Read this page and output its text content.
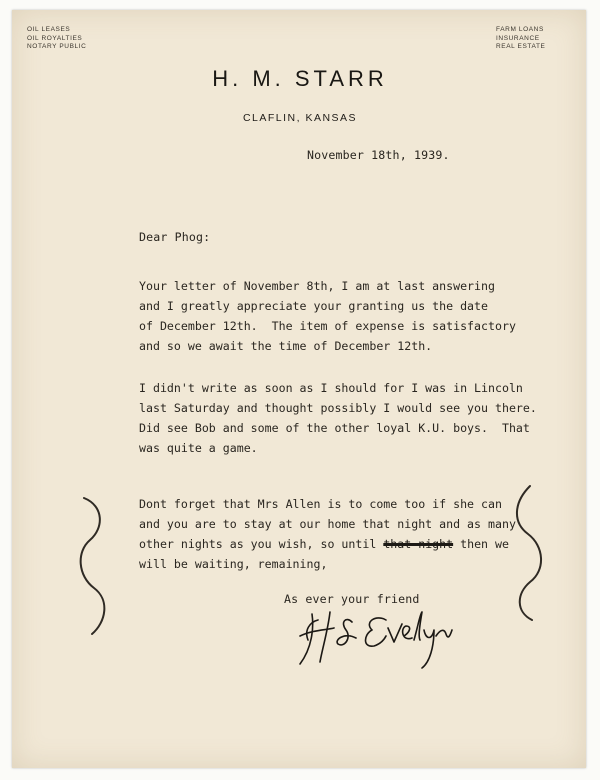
OIL LEASES
OIL ROYALTIES
NOTARY PUBLIC
FARM LOANS
INSURANCE
REAL ESTATE
H. M. STARR
CLAFLIN, KANSAS
November 18th, 1939.
Dear Phog:
Your letter of November 8th, I am at last answering
and I greatly appreciate your granting us the date
of December 12th.  The item of expense is satisfactory
and so we await the time of December 12th.
I didn't write as soon as I should for I was in Lincoln
last Saturday and thought possibly I would see you there.
Did see Bob and some of the other loyal K.U. boys.  That
was quite a game.
Dont forget that Mrs Allen is to come too if she can
and you are to stay at our home that night and as many
other nights as you wish, so until that night then we
will be waiting, remaining,
As ever your friend
